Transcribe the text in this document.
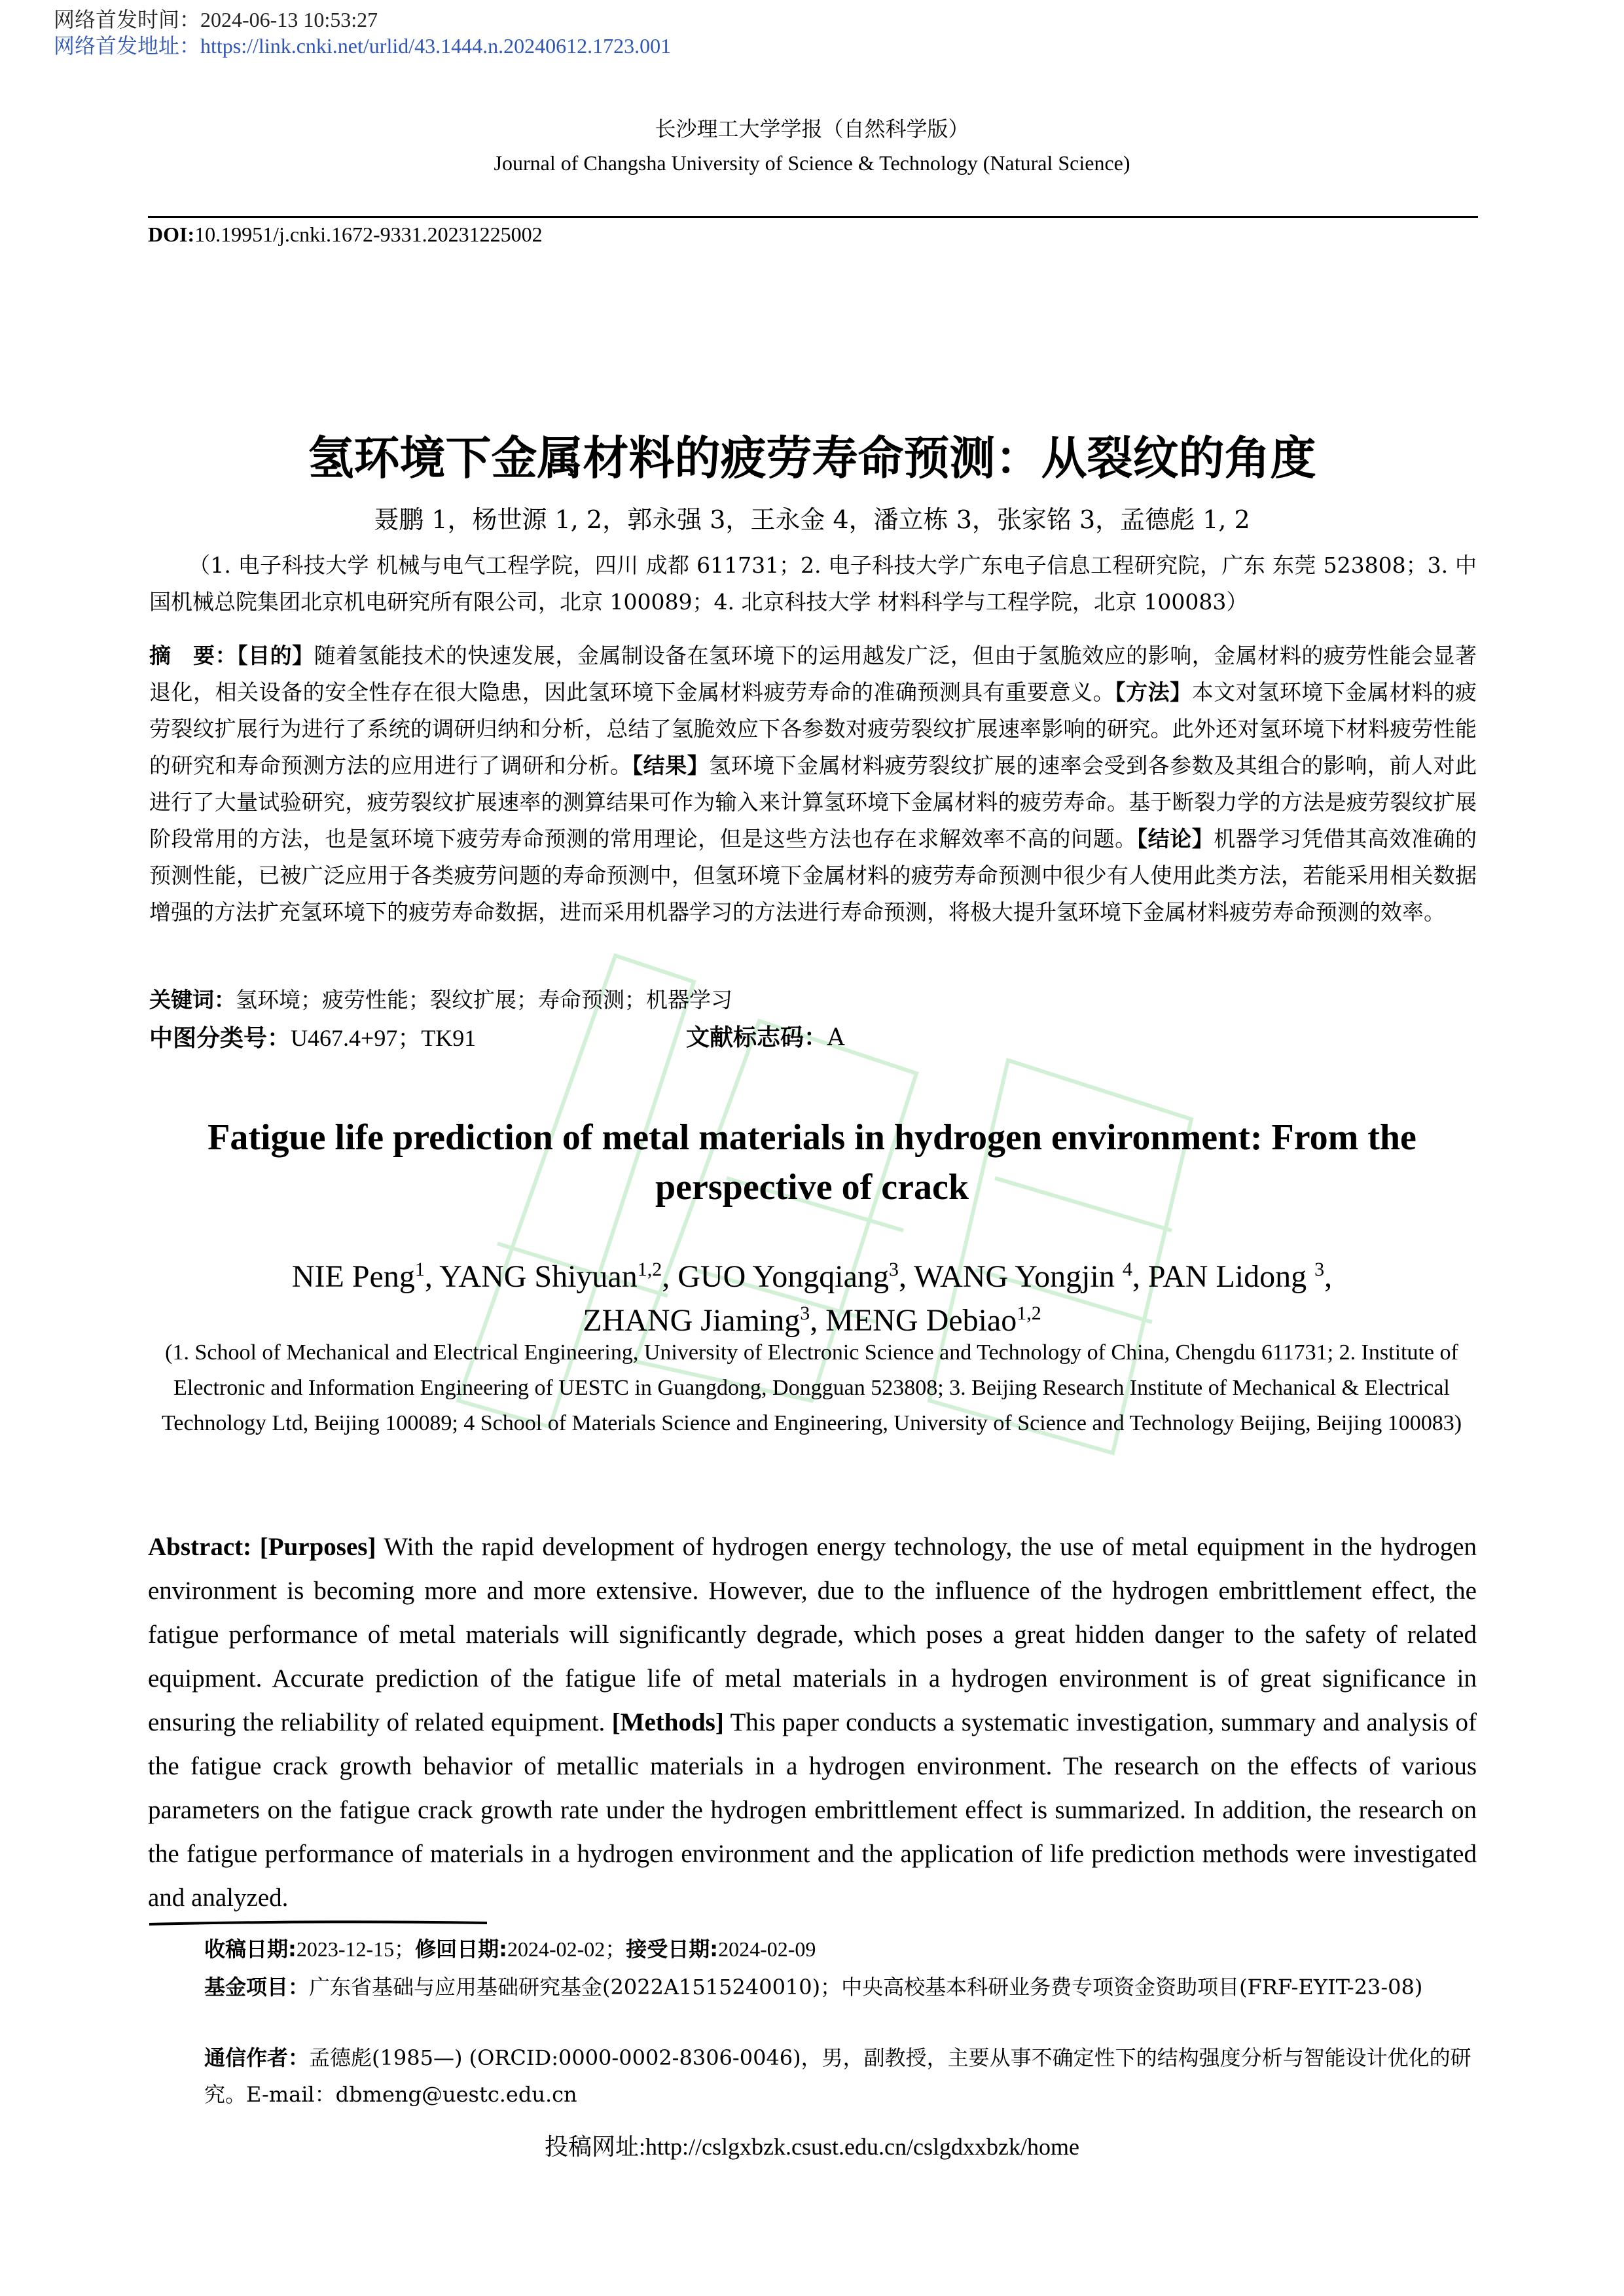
网络首发时间：2024-06-13 10:53:27
网络首发地址：https://link.cnki.net/urlid/43.1444.n.20240612.1723.001
长沙理工大学学报（自然科学版）
Journal of Changsha University of Science & Technology (Natural Science)
DOI:10.19951/j.cnki.1672-9331.20231225002
氢环境下金属材料的疲劳寿命预测：从裂纹的角度
聂鹏 1，杨世源 1, 2，郭永强 3，王永金 4，潘立栋 3，张家铭 3，孟德彪 1, 2
（1. 电子科技大学 机械与电气工程学院，四川 成都 611731；2. 电子科技大学广东电子信息工程研究院，广东 东莞 523808；3. 中国机械总院集团北京机电研究所有限公司，北京 100089；4. 北京科技大学 材料科学与工程学院，北京 100083）
摘　要：【目的】随着氢能技术的快速发展，金属制设备在氢环境下的运用越发广泛，但由于氢脆效应的影响，金属材料的疲劳性能会显著退化，相关设备的安全性存在很大隐患，因此氢环境下金属材料疲劳寿命的准确预测具有重要意义。【方法】本文对氢环境下金属材料的疲劳裂纹扩展行为进行了系统的调研归纳和分析，总结了氢脆效应下各参数对疲劳裂纹扩展速率影响的研究。此外还对氢环境下材料疲劳性能的研究和寿命预测方法的应用进行了调研和分析。【结果】氢环境下金属材料疲劳裂纹扩展的速率会受到各参数及其组合的影响，前人对此进行了大量试验研究，疲劳裂纹扩展速率的测算结果可作为输入来计算氢环境下金属材料的疲劳寿命。基于断裂力学的方法是疲劳裂纹扩展阶段常用的方法，也是氢环境下疲劳寿命预测的常用理论，但是这些方法也存在求解效率不高的问题。【结论】机器学习凭借其高效准确的预测性能，已被广泛应用于各类疲劳问题的寿命预测中，但氢环境下金属材料的疲劳寿命预测中很少有人使用此类方法，若能采用相关数据增强的方法扩充氢环境下的疲劳寿命数据，进而采用机器学习的方法进行寿命预测，将极大提升氢环境下金属材料疲劳寿命预测的效率。
关键词：氢环境；疲劳性能；裂纹扩展；寿命预测；机器学习
中图分类号：U467.4+97；TK91	文献标志码：A
Fatigue life prediction of metal materials in hydrogen environment: From the perspective of crack
NIE Peng$^1$, YANG Shiyuan$^{1,2}$, GUO Yongqiang$^3$, WANG Yongjin $^4$, PAN Lidong $^3$,
ZHANG Jiaming$^3$, MENG Debiao$^{1,2}$
(1. School of Mechanical and Electrical Engineering, University of Electronic Science and Technology of China, Chengdu 611731; 2. Institute of Electronic and Information Engineering of UESTC in Guangdong, Dongguan 523808; 3. Beijing Research Institute of Mechanical & Electrical Technology Ltd, Beijing 100089; 4 School of Materials Science and Engineering, University of Science and Technology Beijing, Beijing 100083)
Abstract: [Purposes] With the rapid development of hydrogen energy technology, the use of metal equipment in the hydrogen environment is becoming more and more extensive. However, due to the influence of the hydrogen embrittlement effect, the fatigue performance of metal materials will significantly degrade, which poses a great hidden danger to the safety of related equipment. Accurate prediction of the fatigue life of metal materials in a hydrogen environment is of great significance in ensuring the reliability of related equipment. [Methods] This paper conducts a systematic investigation, summary and analysis of the fatigue crack growth behavior of metallic materials in a hydrogen environment. The research on the effects of various parameters on the fatigue crack growth rate under the hydrogen embrittlement effect is summarized. In addition, the research on the fatigue performance of materials in a hydrogen environment and the application of life prediction methods were investigated and analyzed.
收稿日期:2023-12-15；修回日期:2024-02-02；接受日期:2024-02-09
基金项目：广东省基础与应用基础研究基金(2022A1515240010)；中央高校基本科研业务费专项资金资助项目(FRF-EYIT-23-08)
通信作者：孟德彪(1985—) (ORCID:0000-0002-8306-0046)，男，副教授，主要从事不确定性下的结构强度分析与智能设计优化的研究。E-mail：dbmeng@uestc.edu.cn
投稿网址:http://cslgxbzk.csust.edu.cn/cslgdxxbzk/home
